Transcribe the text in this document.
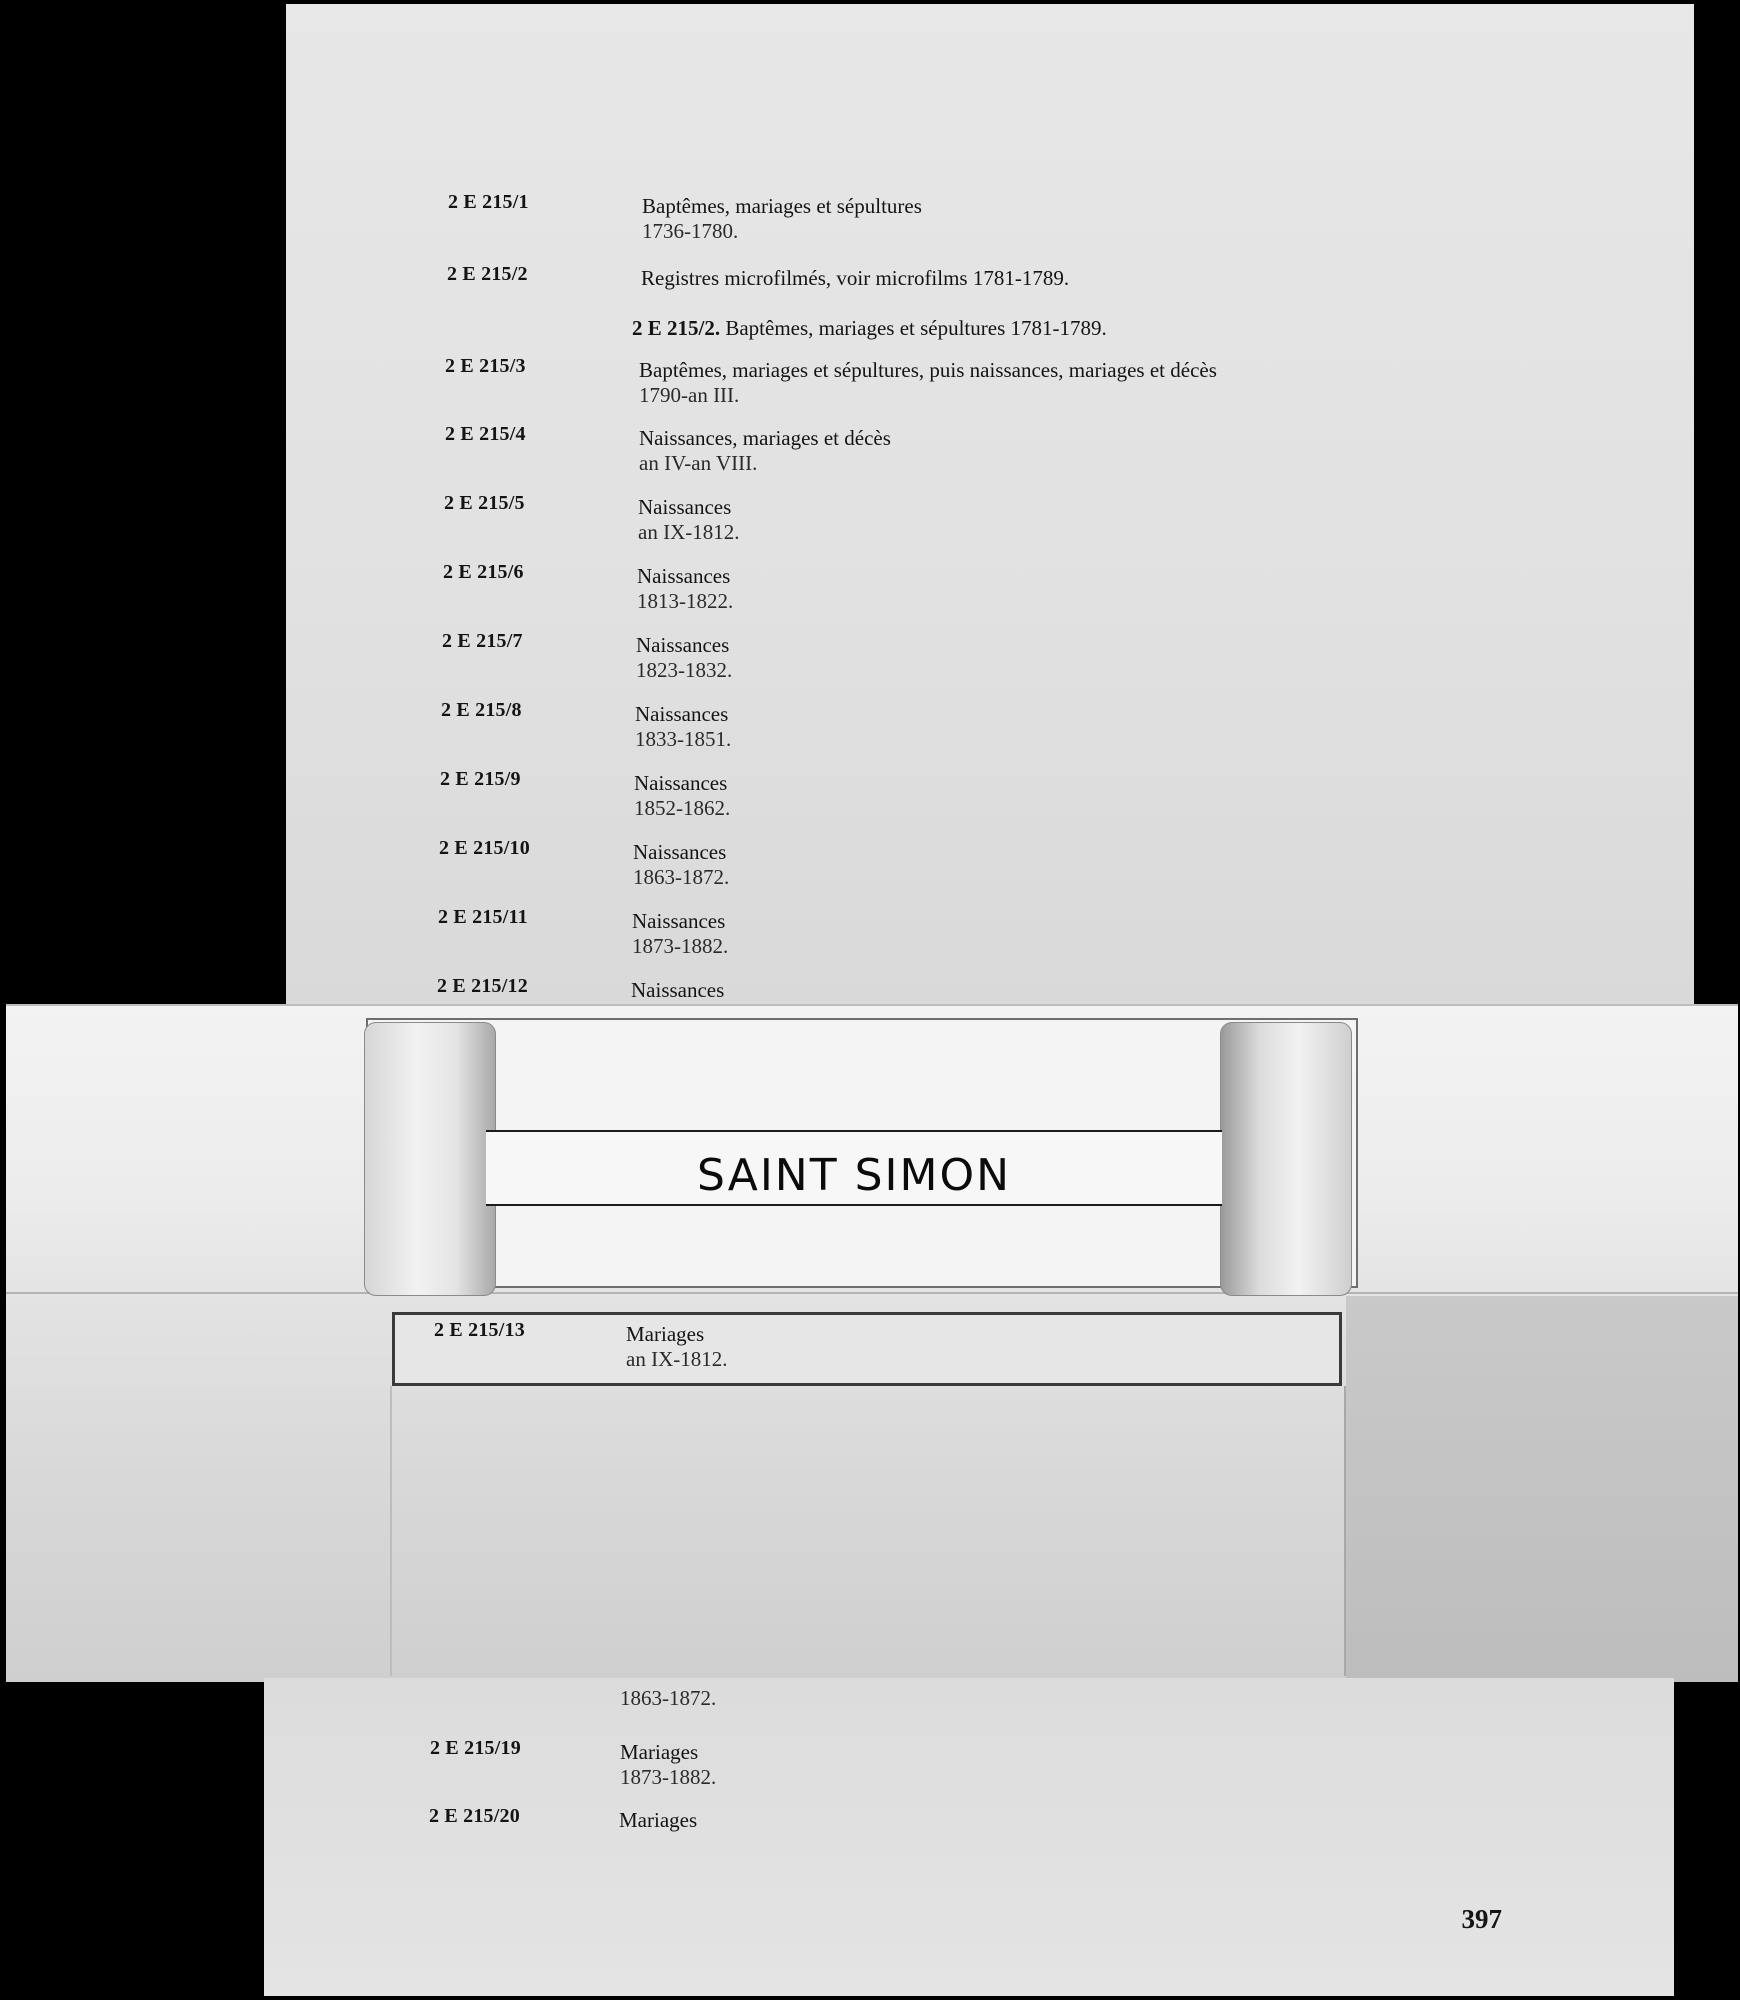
2 E 215/1	Baptêmes, mariages et sépultures
1736-1780.
2 E 215/2	Registres microfilmés, voir microfilms 1781-1789.
2 E 215/2. Baptêmes, mariages et sépultures 1781-1789.
2 E 215/3	Baptêmes, mariages et sépultures, puis naissances, mariages et décès
1790-an III.
2 E 215/4	Naissances, mariages et décès
an IV-an VIII.
2 E 215/5	Naissances
an IX-1812.
2 E 215/6	Naissances
1813-1822.
2 E 215/7	Naissances
1823-1832.
2 E 215/8	Naissances
1833-1851.
2 E 215/9	Naissances
1852-1862.
2 E 215/10	Naissances
1863-1872.
2 E 215/11	Naissances
1873-1882.
2 E 215/12	Naissances
SAINT SIMON
2 E 215/13	Mariages
an IX-1812.
1863-1872.
2 E 215/19	Mariages
1873-1882.
2 E 215/20	Mariages
397
